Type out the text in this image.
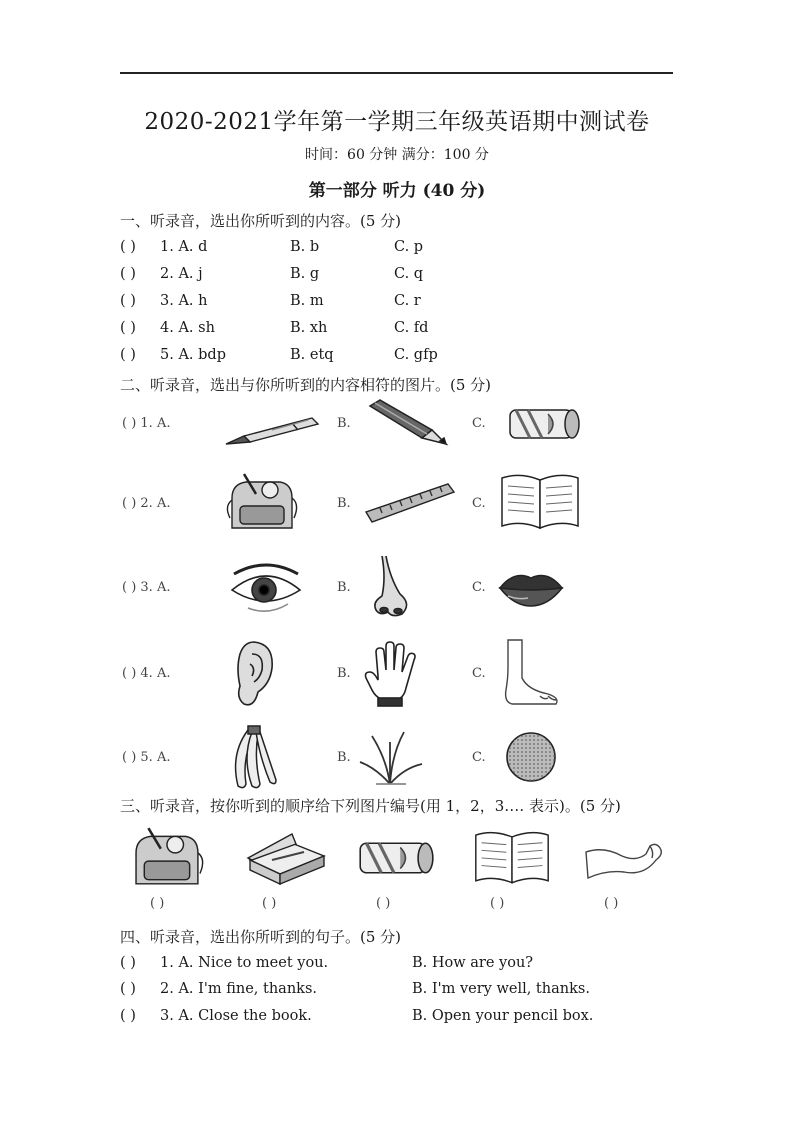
2020-2021学年第一学期三年级英语期中测试卷
时间：60 分钟 满分：100 分
第一部分 听力 (40 分)
一、听录音，选出你所听到的内容。(5 分)
( ) 1. A. d	B. b	C. p
( ) 2. A. j	B. g	C. q
( ) 3. A. h	B. m	C. r
( ) 4. A. sh	B. xh	C. fd
( ) 5. A. bdp	B. etq	C. gfp
二、听录音，选出与你所听到的内容相符的图片。(5 分)
( ) 1. A.	B.	C.
( ) 2. A.	B.	C.
( ) 3. A.	B.	C.
( ) 4. A.	B.	C.
( ) 5. A.	B.	C.
三、听录音，按你听到的顺序给下列图片编号(用 1，2，3‥‥ 表示)。(5 分)
( )	( )	( )	( )	( )
四、听录音，选出你所听到的句子。(5 分)
( ) 1. A. Nice to meet you.	B. How are you?
( ) 2. A. I'm fine, thanks.	B. I'm very well, thanks.
( ) 3. A. Close the book.	B. Open your pencil box.
